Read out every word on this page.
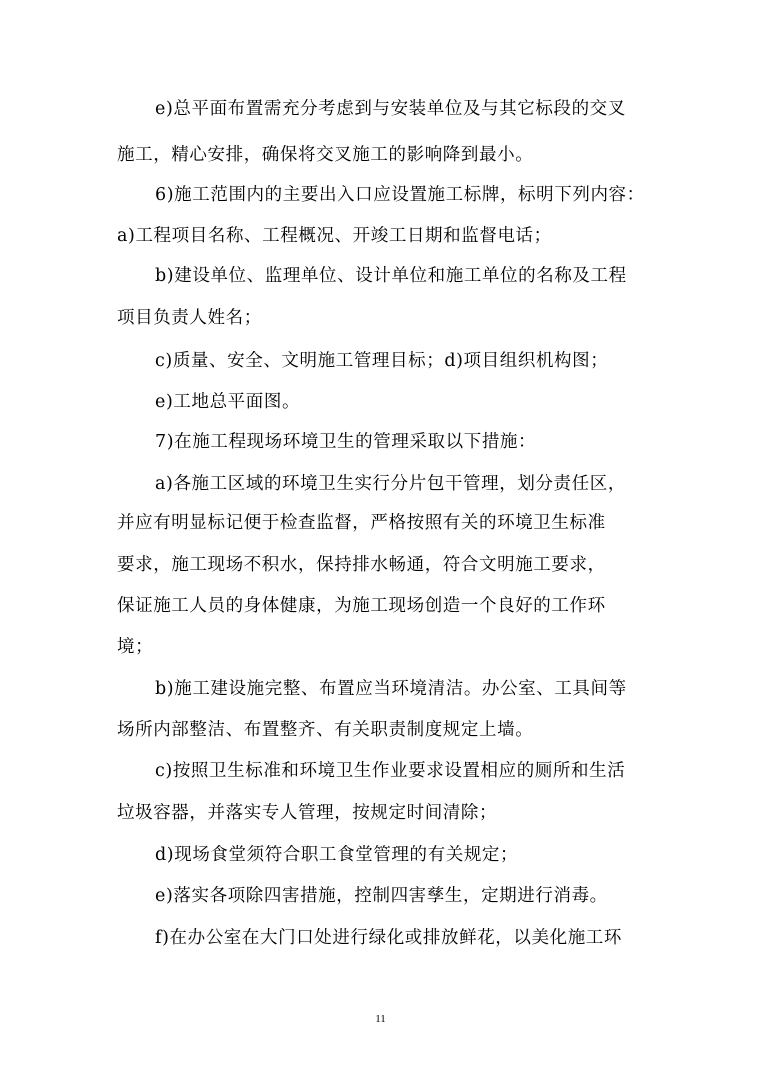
e)总平面布置需充分考虑到与安装单位及与其它标段的交叉
施工，精心安排，确保将交叉施工的影响降到最小。
6)施工范围内的主要出入口应设置施工标牌，标明下列内容：
a)工程项目名称、工程概况、开竣工日期和监督电话；
b)建设单位、监理单位、设计单位和施工单位的名称及工程
项目负责人姓名；
c)质量、安全、文明施工管理目标；d)项目组织机构图；
e)工地总平面图。
7)在施工程现场环境卫生的管理采取以下措施：
a)各施工区域的环境卫生实行分片包干管理，划分责任区，
并应有明显标记便于检查监督，严格按照有关的环境卫生标准
要求，施工现场不积水，保持排水畅通，符合文明施工要求，
保证施工人员的身体健康，为施工现场创造一个良好的工作环
境；
b)施工建设施完整、布置应当环境清洁。办公室、工具间等
场所内部整洁、布置整齐、有关职责制度规定上墙。
c)按照卫生标准和环境卫生作业要求设置相应的厕所和生活
垃圾容器，并落实专人管理，按规定时间清除；
d)现场食堂须符合职工食堂管理的有关规定；
e)落实各项除四害措施，控制四害孳生，定期进行消毒。
f)在办公室在大门口处进行绿化或排放鲜花，以美化施工环
11
